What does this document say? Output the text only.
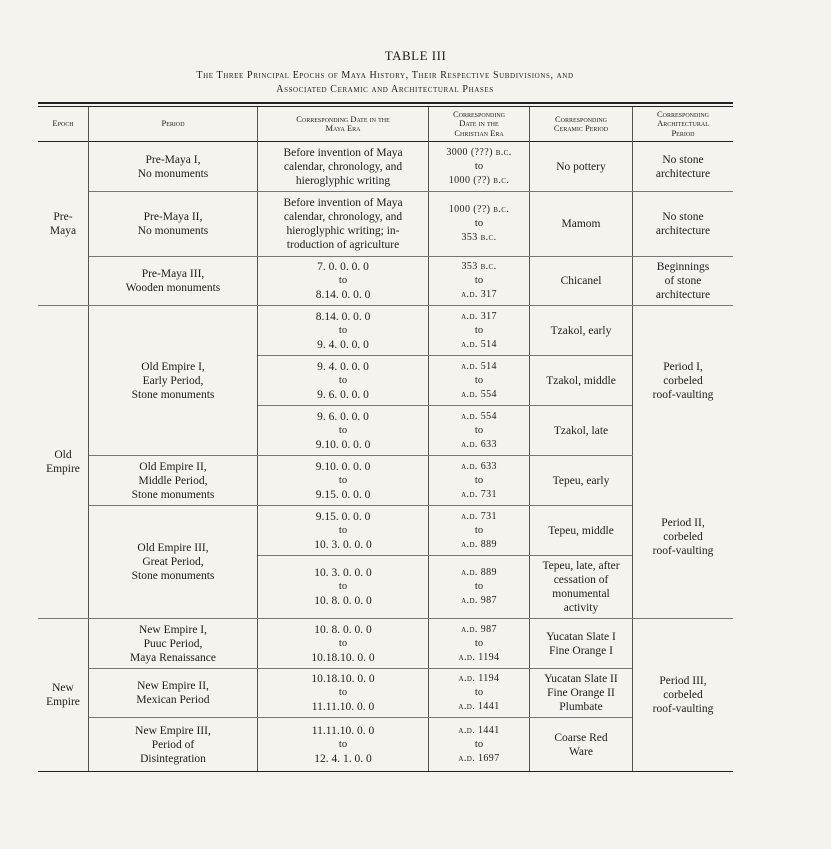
TABLE III
The Three Principal Epochs of Maya History, Their Respective Subdivisions, and
Associated Ceramic and Architectural Phases
Epoch	Period	Corresponding Date in the
Maya Era
Corresponding
Date in the
Christian Era
Corresponding
Ceramic Period
Corresponding
Architectural
Period
Pre-
Maya
Old
Empire
New
Empire
Pre-Maya I,
No monuments
Pre-Maya II,
No monuments
Pre-Maya III,
Wooden monuments
Old Empire I,
Early Period,
Stone monuments
Old Empire II,
Middle Period,
Stone monuments
Old Empire III,
Great Period,
Stone monuments
New Empire I,
Puuc Period,
Maya Renaissance
New Empire II,
Mexican Period
New Empire III,
Period of
Disintegration
Before invention of Maya
calendar, chronology, and
hieroglyphic writing
3000 (???) b.c.
to
1000 (??) b.c.
No pottery
Before invention of Maya
calendar, chronology, and
hieroglyphic writing; in-
troduction of agriculture
1000 (??) b.c.
to
353 b.c.
Mamom
7. 0. 0. 0. 0
to
8.14. 0. 0. 0
353 b.c.
to
a.d. 317
Chicanel
8.14. 0. 0. 0
to
9. 4. 0. 0. 0
a.d. 317
to
a.d. 514
Tzakol, early
9. 4. 0. 0. 0
to
9. 6. 0. 0. 0
a.d. 514
to
a.d. 554
Tzakol, middle
9. 6. 0. 0. 0
to
9.10. 0. 0. 0
a.d. 554
to
a.d. 633
Tzakol, late
9.10. 0. 0. 0
to
9.15. 0. 0. 0
a.d. 633
to
a.d. 731
Tepeu, early
9.15. 0. 0. 0
to
10. 3. 0. 0. 0
a.d. 731
to
a.d. 889
Tepeu, middle
10. 3. 0. 0. 0
to
10. 8. 0. 0. 0
a.d. 889
to
a.d. 987
Tepeu, late, after
cessation of
monumental
activity
10. 8. 0. 0. 0
to
10.18.10. 0. 0
a.d. 987
to
a.d. 1194
Yucatan Slate I
Fine Orange I
10.18.10. 0. 0
to
11.11.10. 0. 0
a.d. 1194
to
a.d. 1441
Yucatan Slate II
Fine Orange II
Plumbate
11.11.10. 0. 0
to
12. 4. 1. 0. 0
a.d. 1441
to
a.d. 1697
Coarse Red
Ware
No stone
architecture
No stone
architecture
Beginnings
of stone
architecture
Period I,
corbeled
roof-vaulting
Period II,
corbeled
roof-vaulting
Period III,
corbeled
roof-vaulting
